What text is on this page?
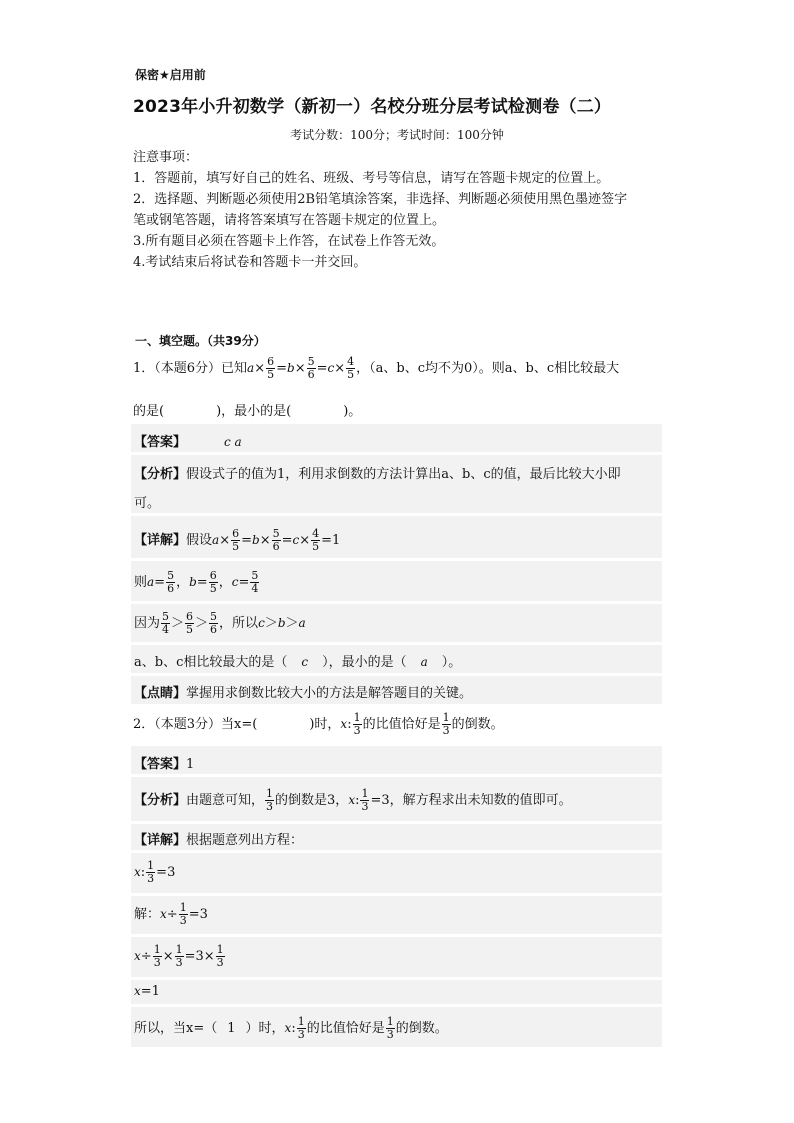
保密★启用前
2023年小升初数学（新初一）名校分班分层考试检测卷（二）
考试分数：100分；考试时间：100分钟
注意事项：
1．答题前，填写好自己的姓名、班级、考号等信息，请写在答题卡规定的位置上。
2．选择题、判断题必须使用2B铅笔填涂答案，非选择、判断题必须使用黑色墨迹签字
笔或钢笔答题，请将答案填写在答题卡规定的位置上。
3.所有题目必须在答题卡上作答，在试卷上作答无效。
4.考试结束后将试卷和答题卡一并交回。
一、填空题。（共39分）
1．（本题6分）已知$a\times \frac{6}{5} =b\times \frac{5}{6} =c\times \frac{4}{5}$ ，（a、b、c均不为0）。则a、b、c相比较最大
的是(　　　　)，最小的是(　　　　)。
【答案】	c a
【分析】假设式子的值为1，利用求倒数的方法计算出a、b、c的值，最后比较大小即
可。
【详解】假设$a\times \frac{6}{5} =b\times \frac{5}{6} =c\times \frac{4}{5} =1$
则$a= \frac{5}{6}$ ，$b= \frac{6}{5}$ ，$c= \frac{5}{4}$
因为 $\frac{5}{4} > \frac{6}{5} > \frac{5}{6}$ ，所以c＞b＞a
a、b、c相比较最大的是（ c ），最小的是（ a ）。
【点睛】掌握用求倒数比较大小的方法是解答题目的关键。
2．（本题3分）当x=(　　　　)时，x: $\frac{1}{3}$ 的比值恰好是 $\frac{1}{3}$ 的倒数。
【答案】1
【分析】由题意可知， $\frac{1}{3}$ 的倒数是3，x: $\frac{1}{3} =3$，解方程求出未知数的值即可。
【详解】根据题意列出方程：
x: $\frac{1}{3} =3$
解：$x\div \frac{1}{3} =3$
$x\div \frac{1}{3} \times \frac{1}{3} =3\times \frac{1}{3}$
x=1
所以，当x=（ 1 ）时，x: $\frac{1}{3}$ 的比值恰好是 $\frac{1}{3}$ 的倒数。
